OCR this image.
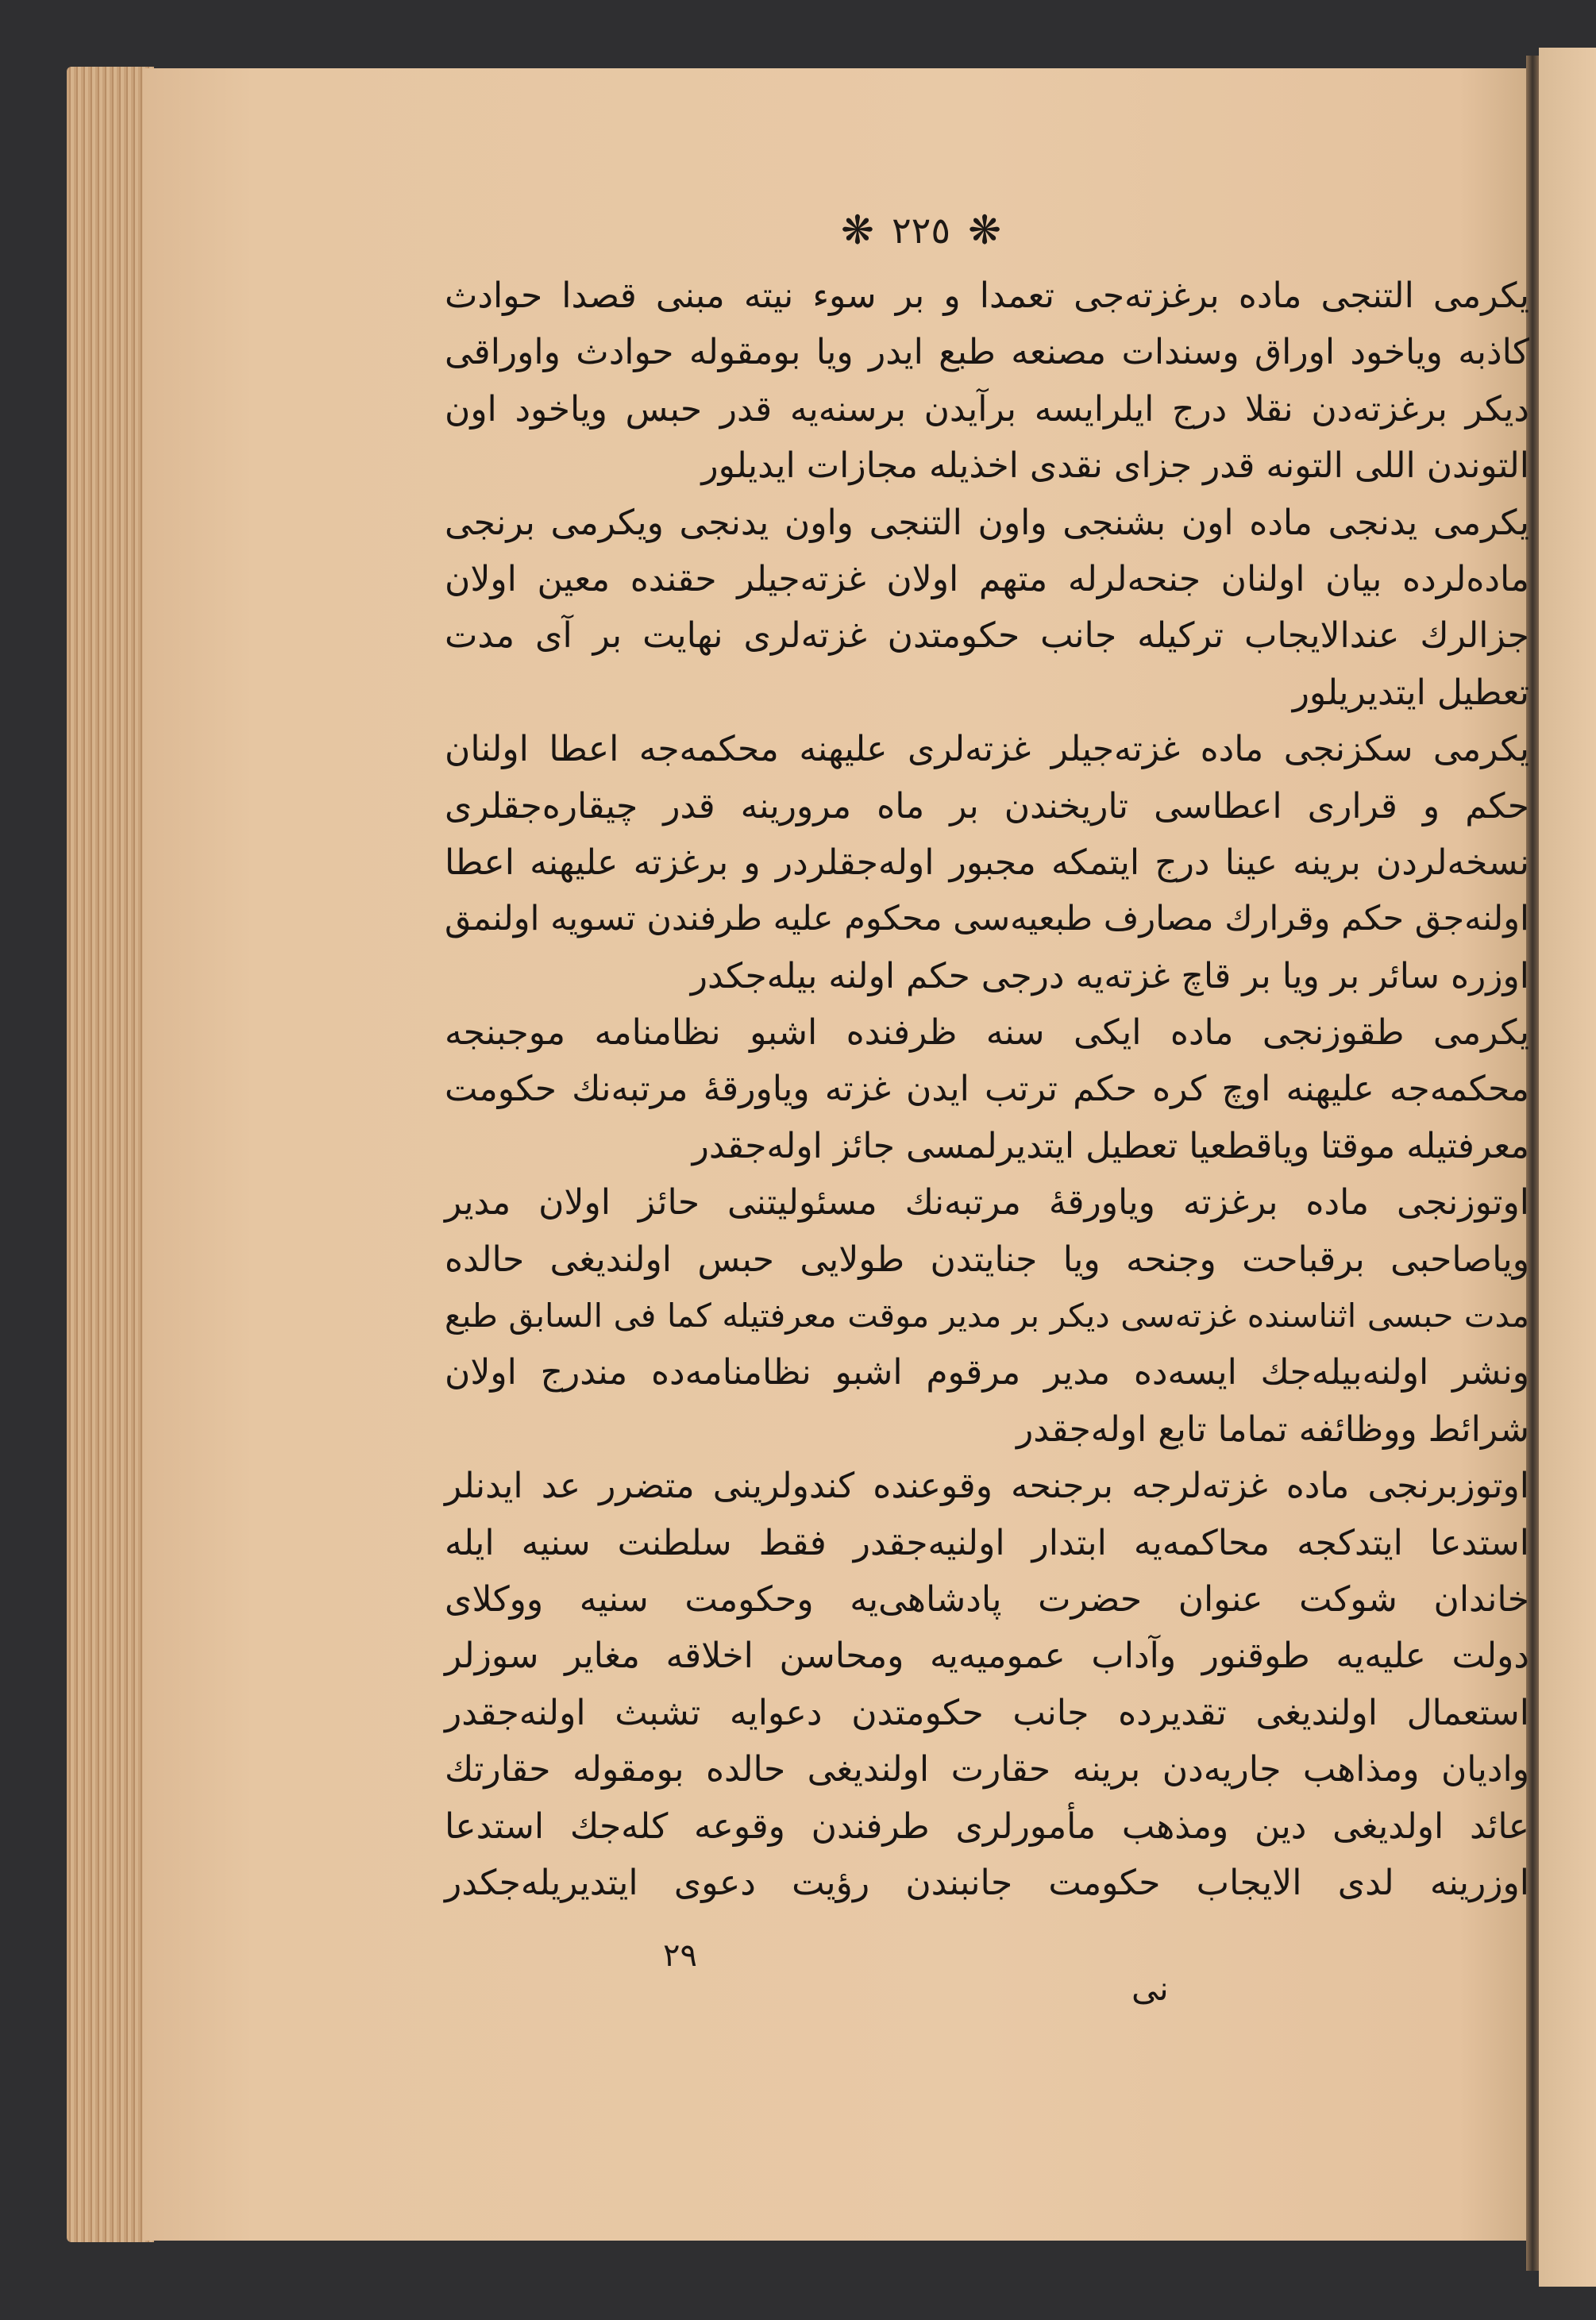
❋ ٢٢٥ ❋
يكرمى التنجى ماده برغزته‌جى تعمدا و بر سوء نيته مبنى قصدا حوادث
كاذبه وياخود اوراق وسندات مصنعه طبع ايدر ويا بومقوله حوادث واوراقى
ديكر برغزته‌دن نقلا درج ايلرايسه برآيدن برسنه‌يه قدر حبس وياخود اون
التوندن اللى التونه قدر جزاى نقدى اخذيله مجازات ايديلور
يكرمى يدنجى ماده اون بشنجى واون التنجى واون يدنجى ويكرمى برنجى
ماده‌لرده بيان اولنان جنحه‌لرله متهم اولان غزته‌جيلر حقنده معين اولان
جزالرك عندالايجاب تركيله جانب حكومتدن غزته‌لرى نهايت بر آى مدت
تعطيل ايتديريلور
يكرمى سكزنجى ماده غزته‌جيلر غزته‌لرى عليهنه محكمه‌جه اعطا اولنان
حكم و قرارى اعطاسى تاريخندن بر ماه مرورينه قدر چيقاره‌جقلرى
نسخه‌لردن برينه عينا درج ايتمكه مجبور اوله‌جقلردر و برغزته عليهنه اعطا
اولنه‌جق حكم وقرارك مصارف طبعيه‌سى محكوم عليه طرفندن تسويه اولنمق
اوزره سائر بر ويا بر قاچ غزته‌يه درجى حكم اولنه بيله‌جكدر
يكرمى طقوزنجى ماده ايكى سنه ظرفنده اشبو نظامنامه موجبنجه
محكمه‌جه عليهنه اوچ كره حكم ترتب ايدن غزته وياورقهٔ مرتبه‌نك حكومت
معرفتيله موقتا وياقطعيا تعطيل ايتديرلمسى جائز اوله‌جقدر
اوتوزنجى ماده برغزته وياورقهٔ مرتبه‌نك مسئوليتنى حائز اولان مدير
وياصاحبى برقباحت وجنحه ويا جنايتدن طولايى حبس اولنديغى حالده
مدت حبسى اثناسنده غزته‌سى ديكر بر مدير موقت معرفتيله كما فى السابق طبع
ونشر اولنه‌بيله‌جك ايسه‌ده مدير مرقوم اشبو نظامنامه‌ده مندرج اولان
شرائط ووظائفه تماما تابع اوله‌جقدر
اوتوزبرنجى ماده غزته‌لرجه برجنحه وقوعنده كندولرينى متضرر عد ايدنلر
استدعا ايتدكجه محاكمه‌يه ابتدار اولنيه‌جقدر فقط سلطنت سنيه ايله
خاندان شوكت عنوان حضرت پادشاهى‌يه وحكومت سنيه ووكلاى
دولت عليه‌يه طوقنور وآداب عموميه‌يه ومحاسن اخلاقه مغاير سوزلر
استعمال اولنديغى تقديرده جانب حكومتدن دعوايه تشبث اولنه‌جقدر
واديان ومذاهب جاريه‌دن برينه حقارت اولنديغى حالده بومقوله حقارتك
عائد اولديغى دين ومذهب مأمورلرى طرفندن وقوعه كله‌جك استدعا
اوزرينه لدى الايجاب حكومت جانبندن رؤيت دعوى ايتديريله‌جكدر
٢٩
نى
